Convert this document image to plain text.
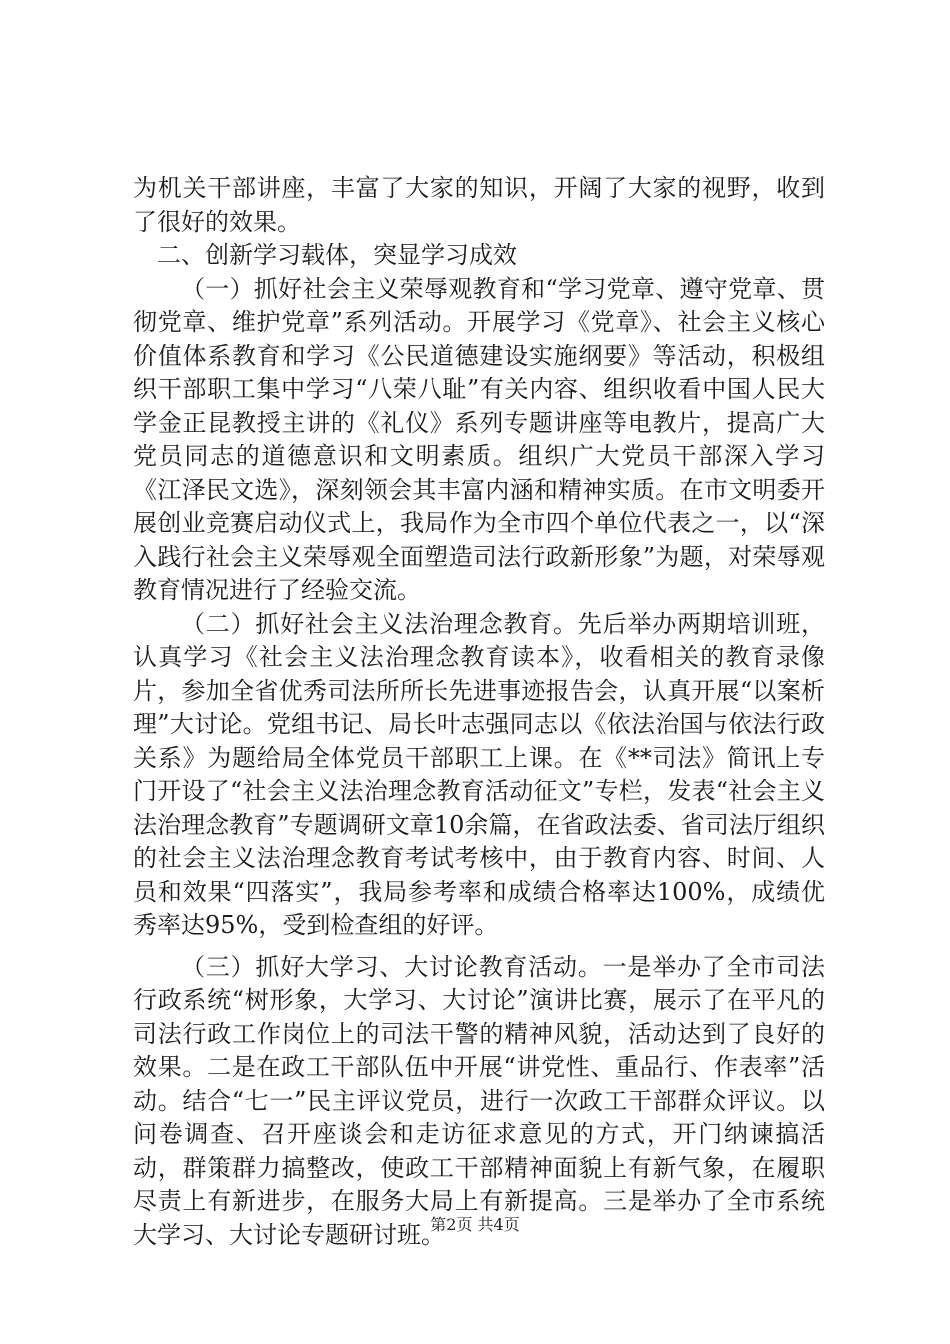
为机关干部讲座，丰富了大家的知识，开阔了大家的视野，收到了很好的效果。

二、创新学习载体，突显学习成效

（一）抓好社会主义荣辱观教育和“学习党章、遵守党章、贯彻党章、维护党章”系列活动。开展学习《党章》、社会主义核心价值体系教育和学习《公民道德建设实施纲要》等活动，积极组织干部职工集中学习“八荣八耻”有关内容、组织收看中国人民大学金正昆教授主讲的《礼仪》系列专题讲座等电教片，提高广大党员同志的道德意识和文明素质。组织广大党员干部深入学习《江泽民文选》，深刻领会其丰富内涵和精神实质。在市文明委开展创业竞赛启动仪式上，我局作为全市四个单位代表之一，以“深入践行社会主义荣辱观全面塑造司法行政新形象”为题，对荣辱观教育情况进行了经验交流。

（二）抓好社会主义法治理念教育。先后举办两期培训班，认真学习《社会主义法治理念教育读本》，收看相关的教育录像片，参加全省优秀司法所所长先进事迹报告会，认真开展“以案析理”大讨论。党组书记、局长叶志强同志以《依法治国与依法行政关系》为题给局全体党员干部职工上课。在《**司法》简讯上专门开设了“社会主义法治理念教育活动征文”专栏，发表“社会主义法治理念教育”专题调研文章10余篇，在省政法委、省司法厅组织的社会主义法治理念教育考试考核中，由于教育内容、时间、人员和效果“四落实”，我局参考率和成绩合格率达100%，成绩优秀率达95%，受到检查组的好评。

（三）抓好大学习、大讨论教育活动。一是举办了全市司法行政系统“树形象，大学习、大讨论”演讲比赛，展示了在平凡的司法行政工作岗位上的司法干警的精神风貌，活动达到了良好的效果。二是在政工干部队伍中开展“讲党性、重品行、作表率”活动。结合“七一”民主评议党员，进行一次政工干部群众评议。以问卷调查、召开座谈会和走访征求意见的方式，开门纳谏搞活动，群策群力搞整改，使政工干部精神面貌上有新气象，在履职尽责上有新进步，在服务大局上有新提高。三是举办了全市系统大学习、大讨论专题研讨班。

第2页 共4页
